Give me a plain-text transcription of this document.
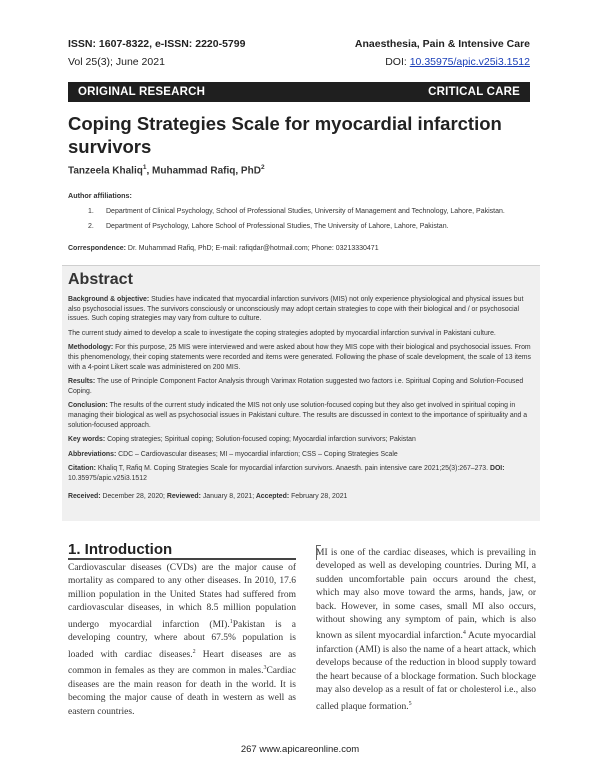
ISSN: 1607-8322, e-ISSN: 2220-5799	Anaesthesia, Pain & Intensive Care
Vol 25(3); June 2021	DOI: 10.35975/apic.v25i3.1512
ORIGINAL RESEARCH	CRITICAL CARE
Coping Strategies Scale for myocardial infarction survivors
Tanzeela Khaliq$^1$, Muhammad Rafiq, PhD$^2$
Author affiliations:
1. Department of Clinical Psychology, School of Professional Studies, University of Management and Technology, Lahore, Pakistan.
2. Department of Psychology, Lahore School of Professional Studies, The University of Lahore, Lahore, Pakistan.
Correspondence: Dr. Muhammad Rafiq, PhD; E-mail: rafiqdar@hotmail.com; Phone: 03213330471
Abstract

Background & objective: Studies have indicated that myocardial infarction survivors (MIS) not only experience physiological and physical issues but also psychosocial issues. The survivors consciously or unconsciously may adopt certain strategies to cope with their biological and / or psychosocial issues. Such coping strategies may vary from culture to culture.

The current study aimed to develop a scale to investigate the coping strategies adopted by myocardial infarction survival in Pakistani culture.

Methodology: For this purpose, 25 MIS were interviewed and were asked about how they MIS cope with their biological and psychosocial issues. From this phenomenology, their coping statements were recorded and items were generated. Following the phase of scale development, the scale of 13 items with a 4-point Likert scale was administered on 200 MIS.

Results: The use of Principle Component Factor Analysis through Varimax Rotation suggested two factors i.e. Spiritual Coping and Solution-Focused Coping.

Conclusion: The results of the current study indicated the MIS not only use solution-focused coping but they also get involved in spiritual coping in managing their biological as well as psychosocial issues in Pakistani culture. The results are discussed in context to the importance of spirituality and a solution-focused approach.

Key words: Coping strategies; Spiritual coping; Solution-focused coping; Myocardial infarction survivors; Pakistan

Abbreviations: CDC – Cardiovascular diseases; MI – myocardial infarction; CSS – Coping Strategies Scale

Citation: Khaliq T, Rafiq M. Coping Strategies Scale for myocardial infarction survivors. Anaesth. pain intensive care 2021;25(3):267–273. DOI: 10.35975/apic.v25i3.1512

Received: December 28, 2020; Reviewed: January 8, 2021; Accepted: February 28, 2021

1. Introduction
Cardiovascular diseases (CVDs) are the major cause of mortality as compared to any other diseases. In 2010, 17.6 million population in the United States had suffered from cardiovascular diseases, in which 8.5 million population undergo myocardial infarction (MI).$^1$Pakistan is a developing country, where about 67.5% population is loaded with cardiac diseases.$^2$ Heart diseases are as common in females as they are common in males.$^3$Cardiac diseases are the main reason for death in the world. It is becoming the major cause of death in western as well as eastern countries.
MI is one of the cardiac diseases, which is prevailing in developed as well as developing countries. During MI, a sudden uncomfortable pain occurs around the chest, which may also move toward the arms, hands, jaw, or back. However, in some cases, small MI also occurs, without showing any symptom of pain, which is also known as silent myocardial infarction.$^4$ Acute myocardial infarction (AMI) is also the name of a heart attack, which develops because of the reduction in blood supply toward the heart because of a blockage formation. Such blockage may also develop as a result of fat or cholesterol i.e., also called plaque formation.$^5$
267 www.apicareonline.com
